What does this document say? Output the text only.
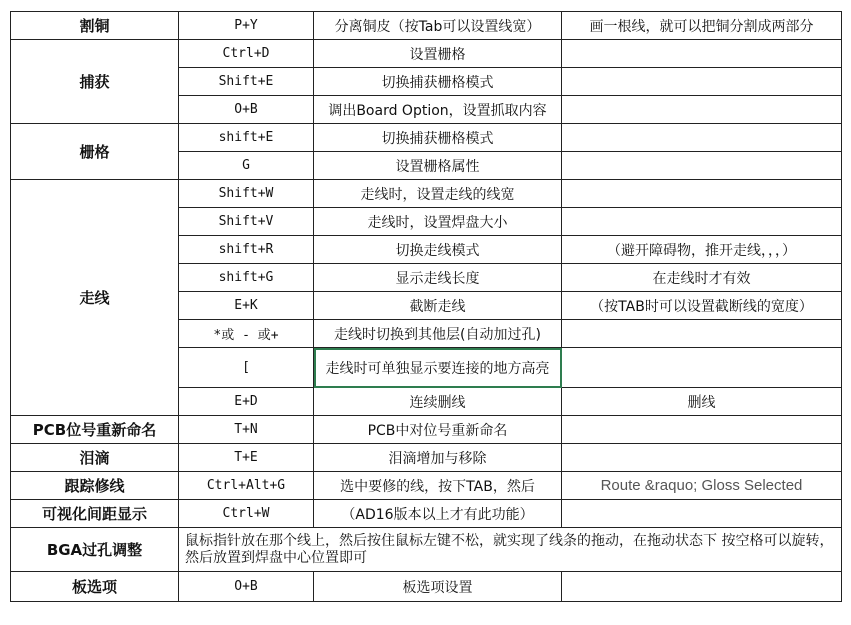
割铜	P+Y	分离铜皮（按Tab可以设置线宽）	画一根线，就可以把铜分割成两部分
捕获	Ctrl+D	设置栅格	
	Shift+E	切换捕获栅格模式	
	O+B	调出Board Option，设置抓取内容	
栅格	shift+E	切换捕获栅格模式	
	G	设置栅格属性	
走线	Shift+W	走线时，设置走线的线宽	
	Shift+V	走线时，设置焊盘大小	
	shift+R	切换走线模式	（避开障碍物，推开走线，，，）
	shift+G	显示走线长度	在走线时才有效
	E+K	截断走线	（按TAB时可以设置截断线的宽度）
	*或 - 或+	走线时切换到其他层(自动加过孔)	
	[	走线时可单独显示要连接的地方高亮	
	E+D	连续删线	删线
PCB位号重新命名	T+N	PCB中对位号重新命名	
泪滴	T+E	泪滴增加与移除	
跟踪修线	Ctrl+Alt+G	选中要修的线，按下TAB，然后	Route &raquo; Gloss Selected
可视化间距显示	Ctrl+W	（AD16版本以上才有此功能）	
BGA过孔调整	鼠标指针放在那个线上，然后按住鼠标左键不松，就实现了线条的拖动，在拖动状态下 按空格可以旋转，然后放置到焊盘中心位置即可		
板选项	O+B	板选项设置	
